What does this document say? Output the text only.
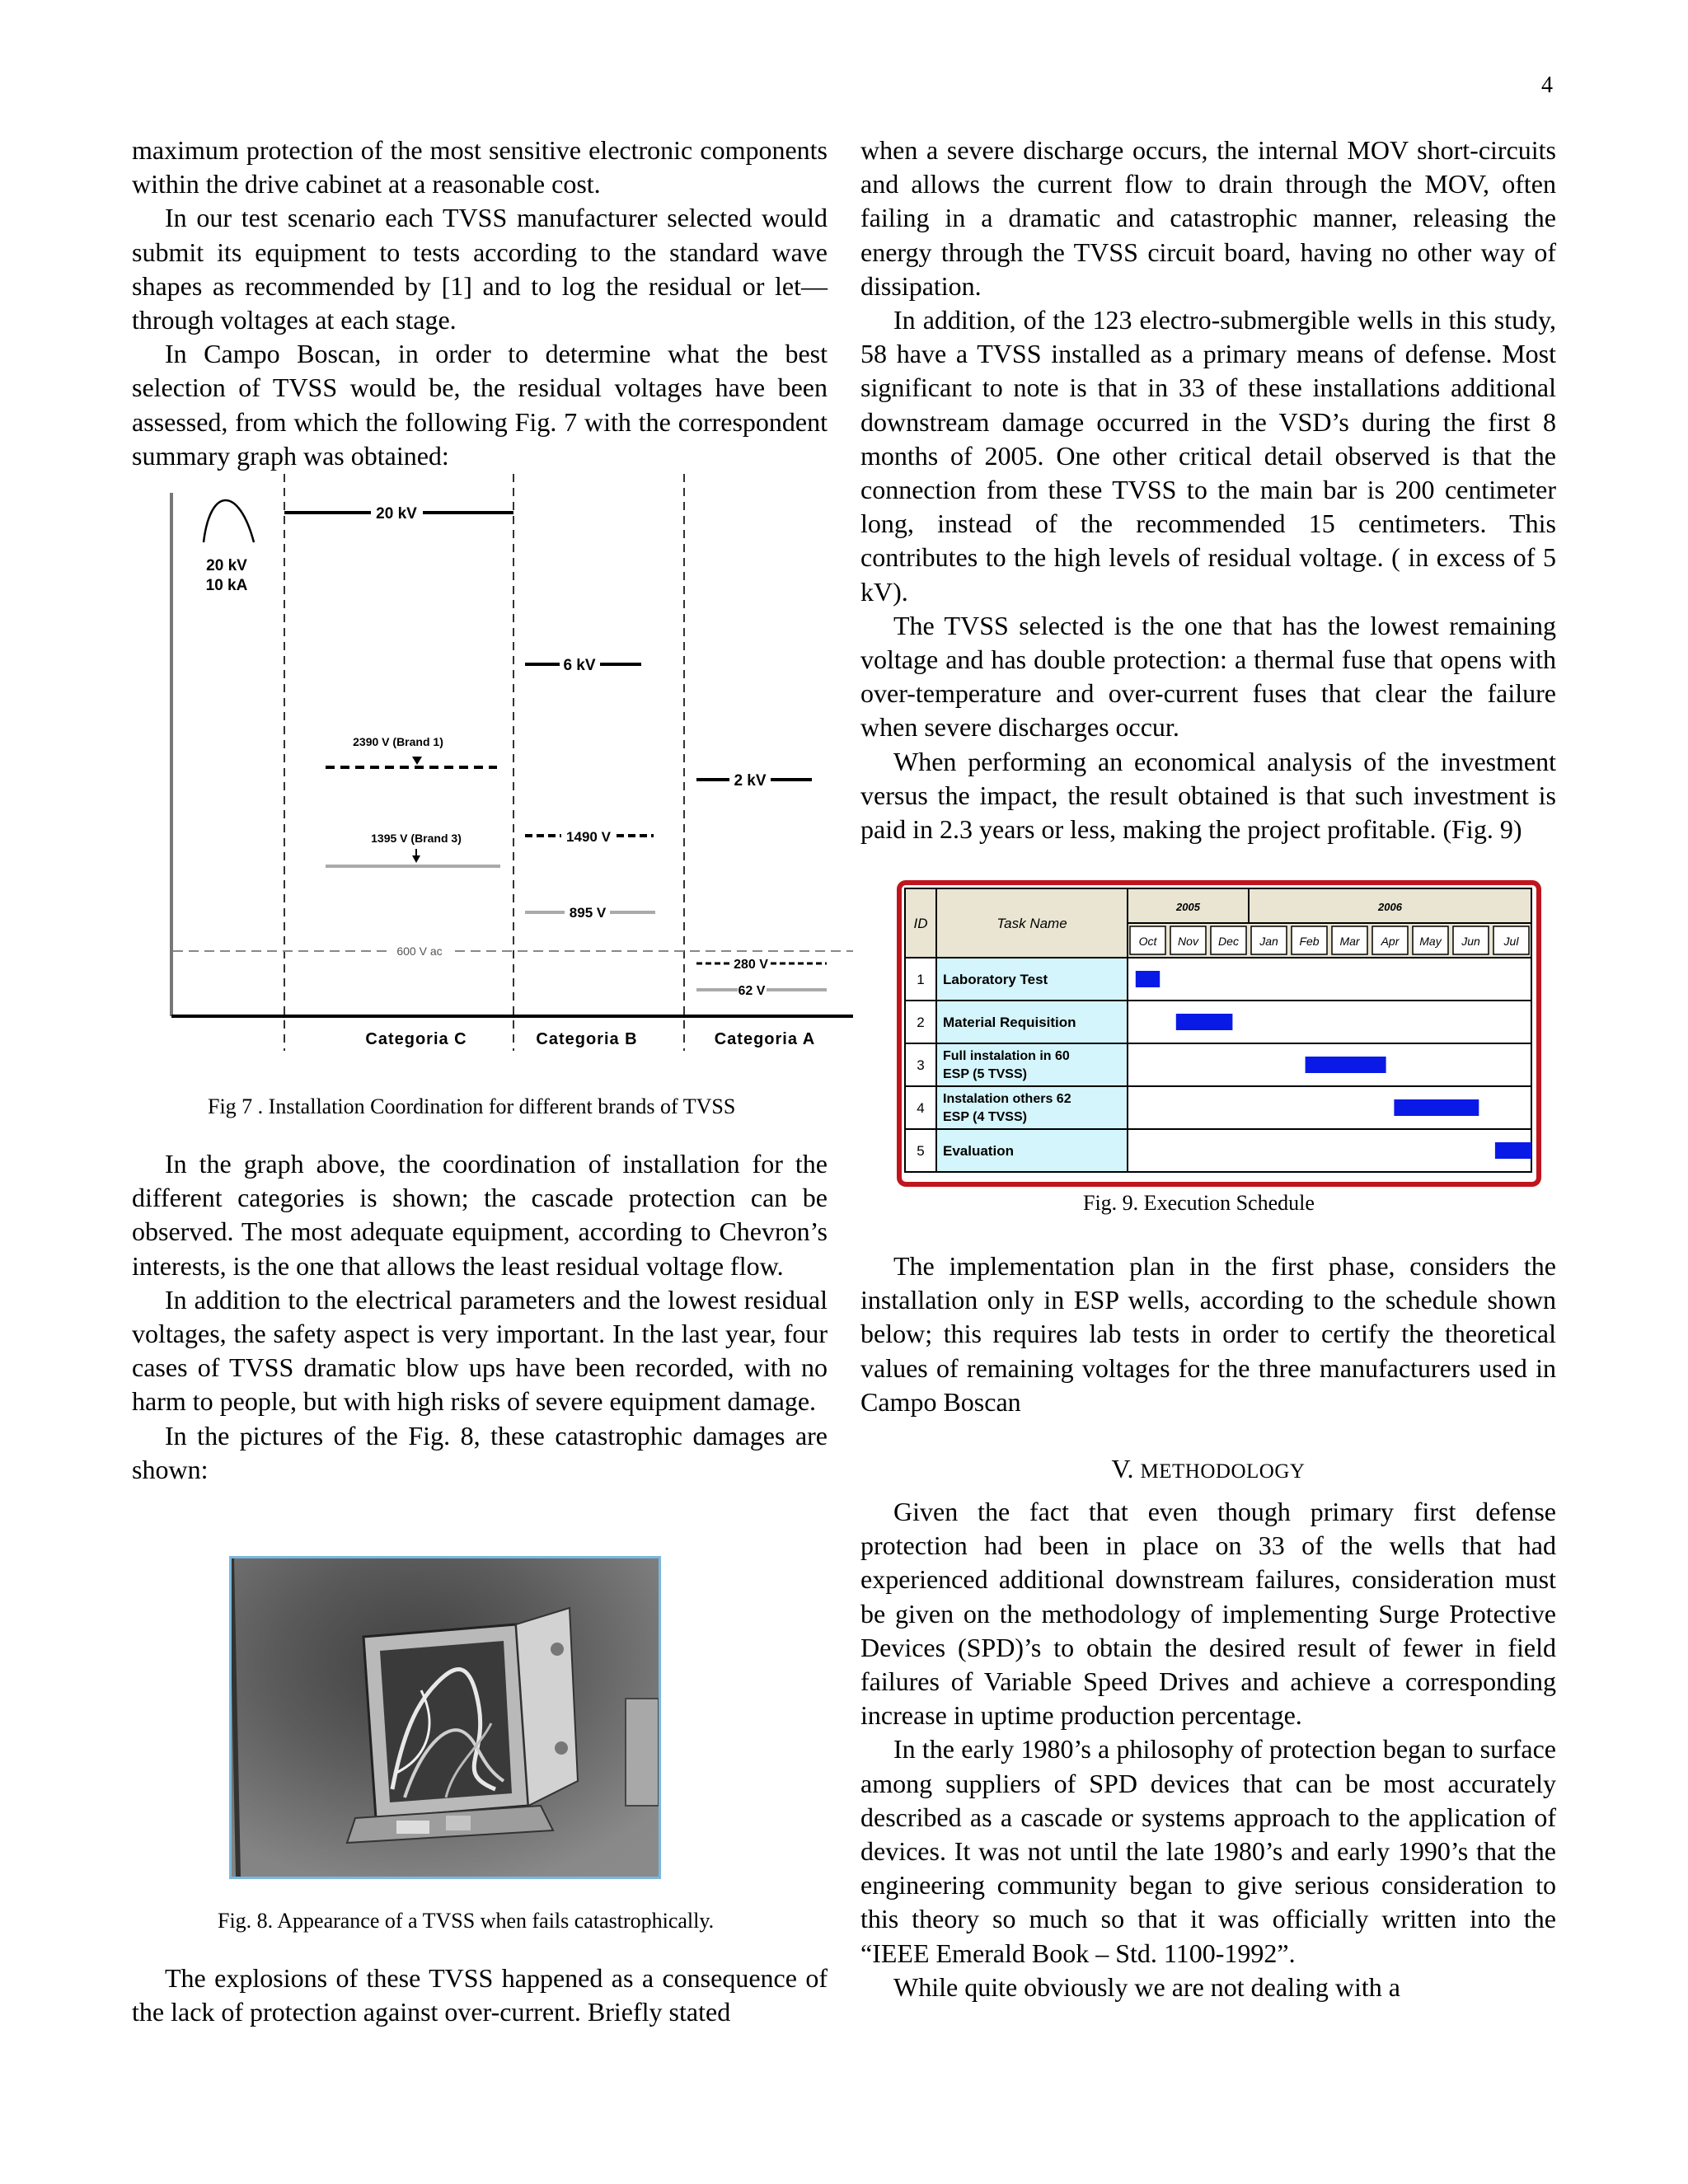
4

maximum protection of the most sensitive electronic components within the drive cabinet at a reasonable cost.

In our test scenario each TVSS manufacturer selected would submit its equipment to tests according to the standard wave shapes as recommended by [1] and to log the residual or let—through voltages at each stage.

In Campo Boscan, in order to determine what the best selection of TVSS would be, the residual voltages have been assessed, from which the following Fig. 7 with the correspondent summary graph was obtained:

600 V ac
20 kV
10 kA
20 kV
6 kV
2 kV
2390 V (Brand 1)
1395 V (Brand 3)	1490 V
895 V
280 V
62 V
Categoria C	Categoria B	Categoria A
Fig 7 . Installation Coordination for different brands of TVSS

In the graph above, the coordination of installation for the different categories is shown; the cascade protection can be observed. The most adequate equipment, according to Chevron’s interests, is the one that allows the least residual voltage flow.

In addition to the electrical parameters and the lowest residual voltages, the safety aspect is very important. In the last year, four cases of TVSS dramatic blow ups have been recorded, with no harm to people, but with high risks of severe equipment damage.

In the pictures of the Fig. 8, these catastrophic damages are shown:

Fig. 8. Appearance of a TVSS when fails catastrophically.

The explosions of these TVSS happened as a consequence of the lack of protection against over-current. Briefly stated

when a severe discharge occurs, the internal MOV short-circuits and allows the current flow to drain through the MOV, often failing in a dramatic and catastrophic manner, releasing the energy through the TVSS circuit board, having no other way of dissipation.

In addition, of the 123 electro-submergible wells in this study, 58 have a TVSS installed as a primary means of defense. Most significant to note is that in 33 of these installations additional downstream damage occurred in the VSD’s during the first 8 months of 2005. One other critical detail observed is that the connection from these TVSS to the main bar is 200 centimeter long, instead of the recommended 15 centimeters. This contributes to the high levels of residual voltage. ( in excess of 5 kV).

The TVSS selected is the one that has the lowest remaining voltage and has double protection: a thermal fuse that opens with over-temperature and over-current fuses that clear the failure when severe discharges occur.

When performing an economical analysis of the investment versus the impact, the result obtained is that such investment is paid in 2.3 years or less, making the project profitable. (Fig. 9)

ID	Task Name
2005	2006
Oct Nov Dec Jan Feb Mar Apr May Jun Jul
1 Laboratory Test
2 Material Requisition
3
Full instalation in 60
ESP (5 TVSS)
4
Instalation others 62
ESP (4 TVSS)
5 Evaluation
Fig. 9. Execution Schedule

The implementation plan in the first phase, considers the installation only in ESP wells, according to the schedule shown below; this requires lab tests in order to certify the theoretical values of remaining voltages for the three manufacturers used in Campo Boscan

V. METHODOLOGY

Given the fact that even though primary first defense protection had been in place on 33 of the wells that had experienced additional downstream failures, consideration must be given on the methodology of implementing Surge Protective Devices (SPD)’s to obtain the desired result of fewer in field failures of Variable Speed Drives and achieve a corresponding increase in uptime production percentage.

In the early 1980’s a philosophy of protection began to surface among suppliers of SPD devices that can be most accurately described as a cascade or systems approach to the application of devices. It was not until the late 1980’s and early 1990’s that the engineering community began to give serious consideration to this theory so much so that it was officially written into the “IEEE Emerald Book – Std. 1100-1992”.

While quite obviously we are not dealing with a
